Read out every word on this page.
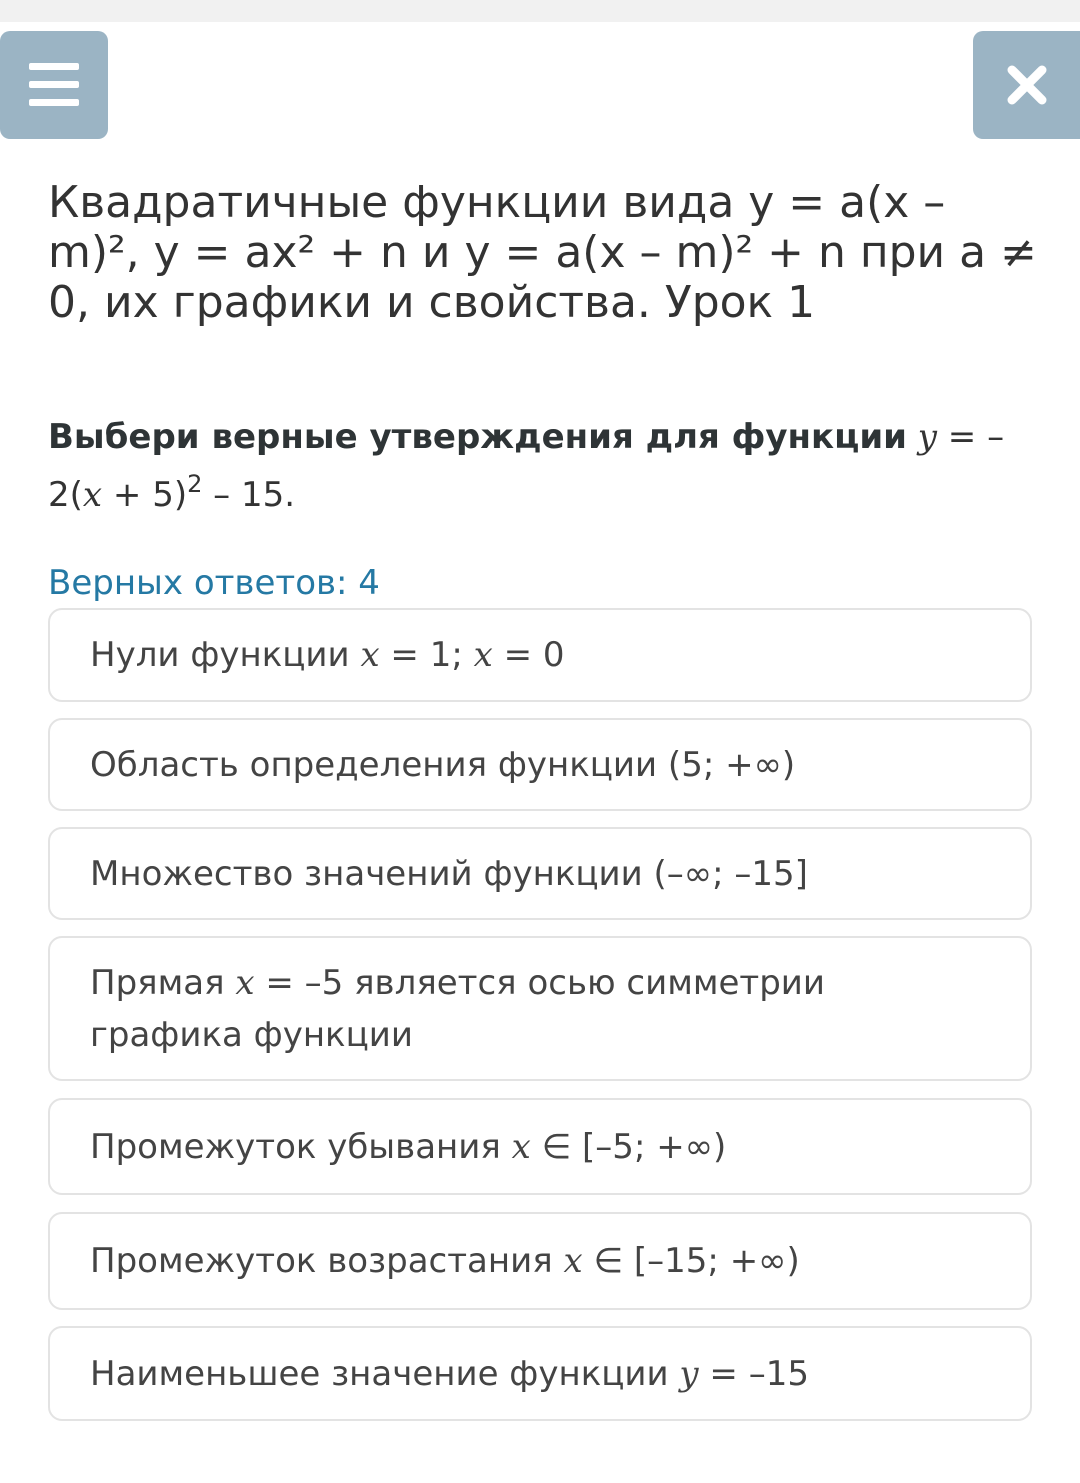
Квадратичные функции вида y = a(x – m)², y = ax² + n и y = a(x – m)² + n при a ≠ 0, их графики и свойства. Урок 1
Выбери верные утверждения для функции $y = -2(x + 5)^2 - 15$.
Верных ответов: 4
Нули функции x = 1; x = 0
Область определения функции (5; +∞)
Множество значений функции (–∞; –15]
Прямая x = –5 является осью симметрии графика функции
Промежуток убывания x ∈ [–5; +∞)
Промежуток возрастания x ∈ [–15; +∞)
Наименьшее значение функции y = –15
